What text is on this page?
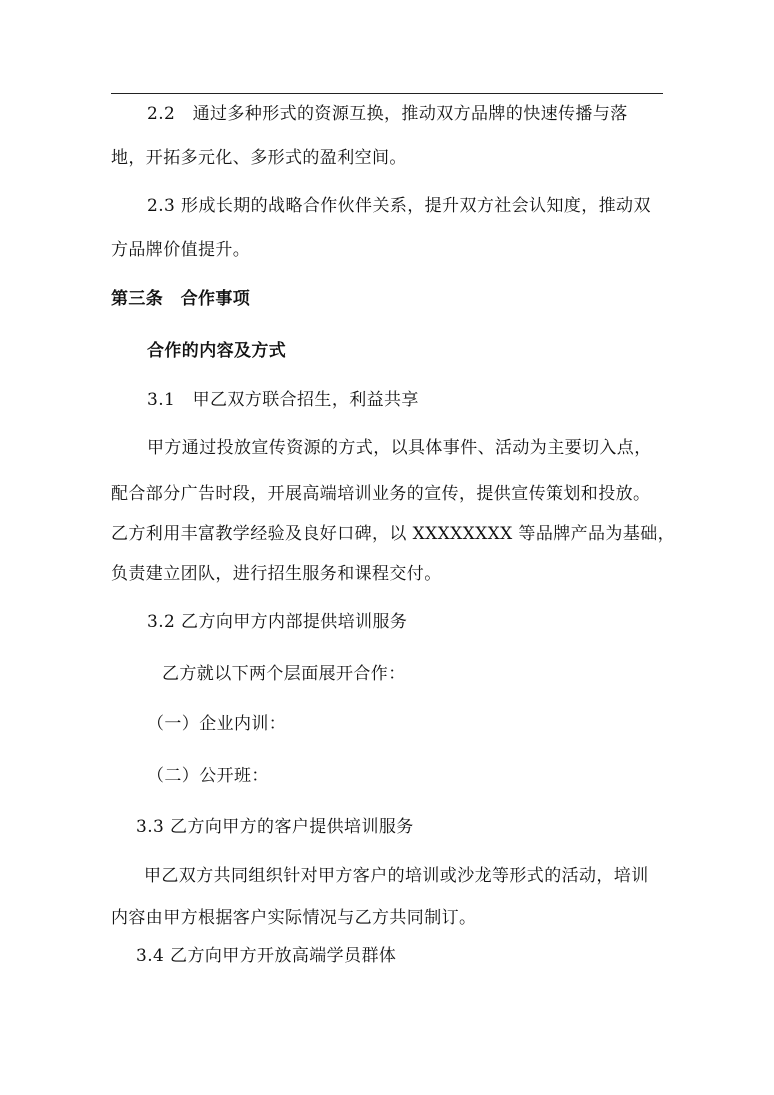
2.2　通过多种形式的资源互换，推动双方品牌的快速传播与落
地，开拓多元化、多形式的盈利空间。
2.3 形成长期的战略合作伙伴关系，提升双方社会认知度，推动双
方品牌价值提升。
第三条　合作事项
合作的内容及方式
3.1　甲乙双方联合招生，利益共享
甲方通过投放宣传资源的方式，以具体事件、活动为主要切入点，
配合部分广告时段，开展高端培训业务的宣传，提供宣传策划和投放。
乙方利用丰富教学经验及良好口碑，以 XXXXXXXX 等品牌产品为基础，
负责建立团队，进行招生服务和课程交付。
3.2 乙方向甲方内部提供培训服务
乙方就以下两个层面展开合作：
（一）企业内训：
（二）公开班：
3.3 乙方向甲方的客户提供培训服务
甲乙双方共同组织针对甲方客户的培训或沙龙等形式的活动，培训
内容由甲方根据客户实际情况与乙方共同制订。
3.4 乙方向甲方开放高端学员群体
